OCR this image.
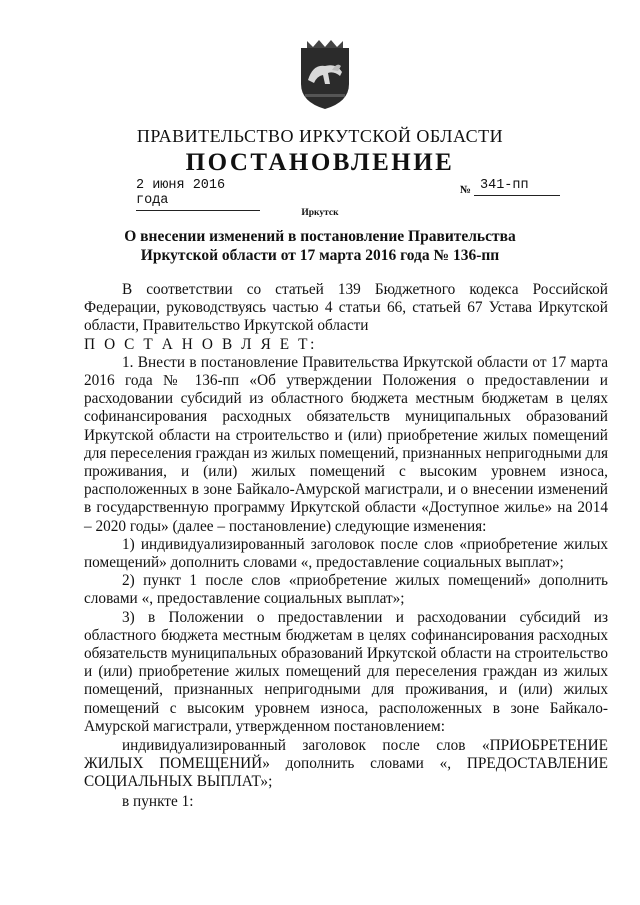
ПРАВИТЕЛЬСТВО ИРКУТСКОЙ ОБЛАСТИ
ПОСТАНОВЛЕНИЕ
2 июня 2016 года
№ 341-пп
Иркутск
О внесении изменений в постановление Правительства Иркутской области от 17 марта 2016 года № 136-пп

В соответствии со статьей 139 Бюджетного кодекса Российской Федерации, руководствуясь частью 4 статьи 66, статьей 67 Устава Иркутской области, Правительство Иркутской области

П О С Т А Н О В Л Я Е Т:

1. Внести в постановление Правительства Иркутской области от 17 марта 2016 года № 136-пп «Об утверждении Положения о предоставлении и расходовании субсидий из областного бюджета местным бюджетам в целях софинансирования расходных обязательств муниципальных образований Иркутской области на строительство и (или) приобретение жилых помещений для переселения граждан из жилых помещений, признанных непригодными для проживания, и (или) жилых помещений с высоким уровнем износа, расположенных в зоне Байкало-Амурской магистрали, и о внесении изменений в государственную программу Иркутской области «Доступное жилье» на 2014 – 2020 годы» (далее – постановление) следующие изменения:

1) индивидуализированный заголовок после слов «приобретение жилых помещений» дополнить словами «, предоставление социальных выплат»;

2) пункт 1 после слов «приобретение жилых помещений» дополнить словами «, предоставление социальных выплат»;

3) в Положении о предоставлении и расходовании субсидий из областного бюджета местным бюджетам в целях софинансирования расходных обязательств муниципальных образований Иркутской области на строительство и (или) приобретение жилых помещений для переселения граждан из жилых помещений, признанных непригодными для проживания, и (или) жилых помещений с высоким уровнем износа, расположенных в зоне Байкало-Амурской магистрали, утвержденном постановлением:

индивидуализированный заголовок после слов «ПРИОБРЕТЕНИЕ ЖИЛЫХ ПОМЕЩЕНИЙ» дополнить словами «, ПРЕДОСТАВЛЕНИЕ СОЦИАЛЬНЫХ ВЫПЛАТ»;

в пункте 1:
